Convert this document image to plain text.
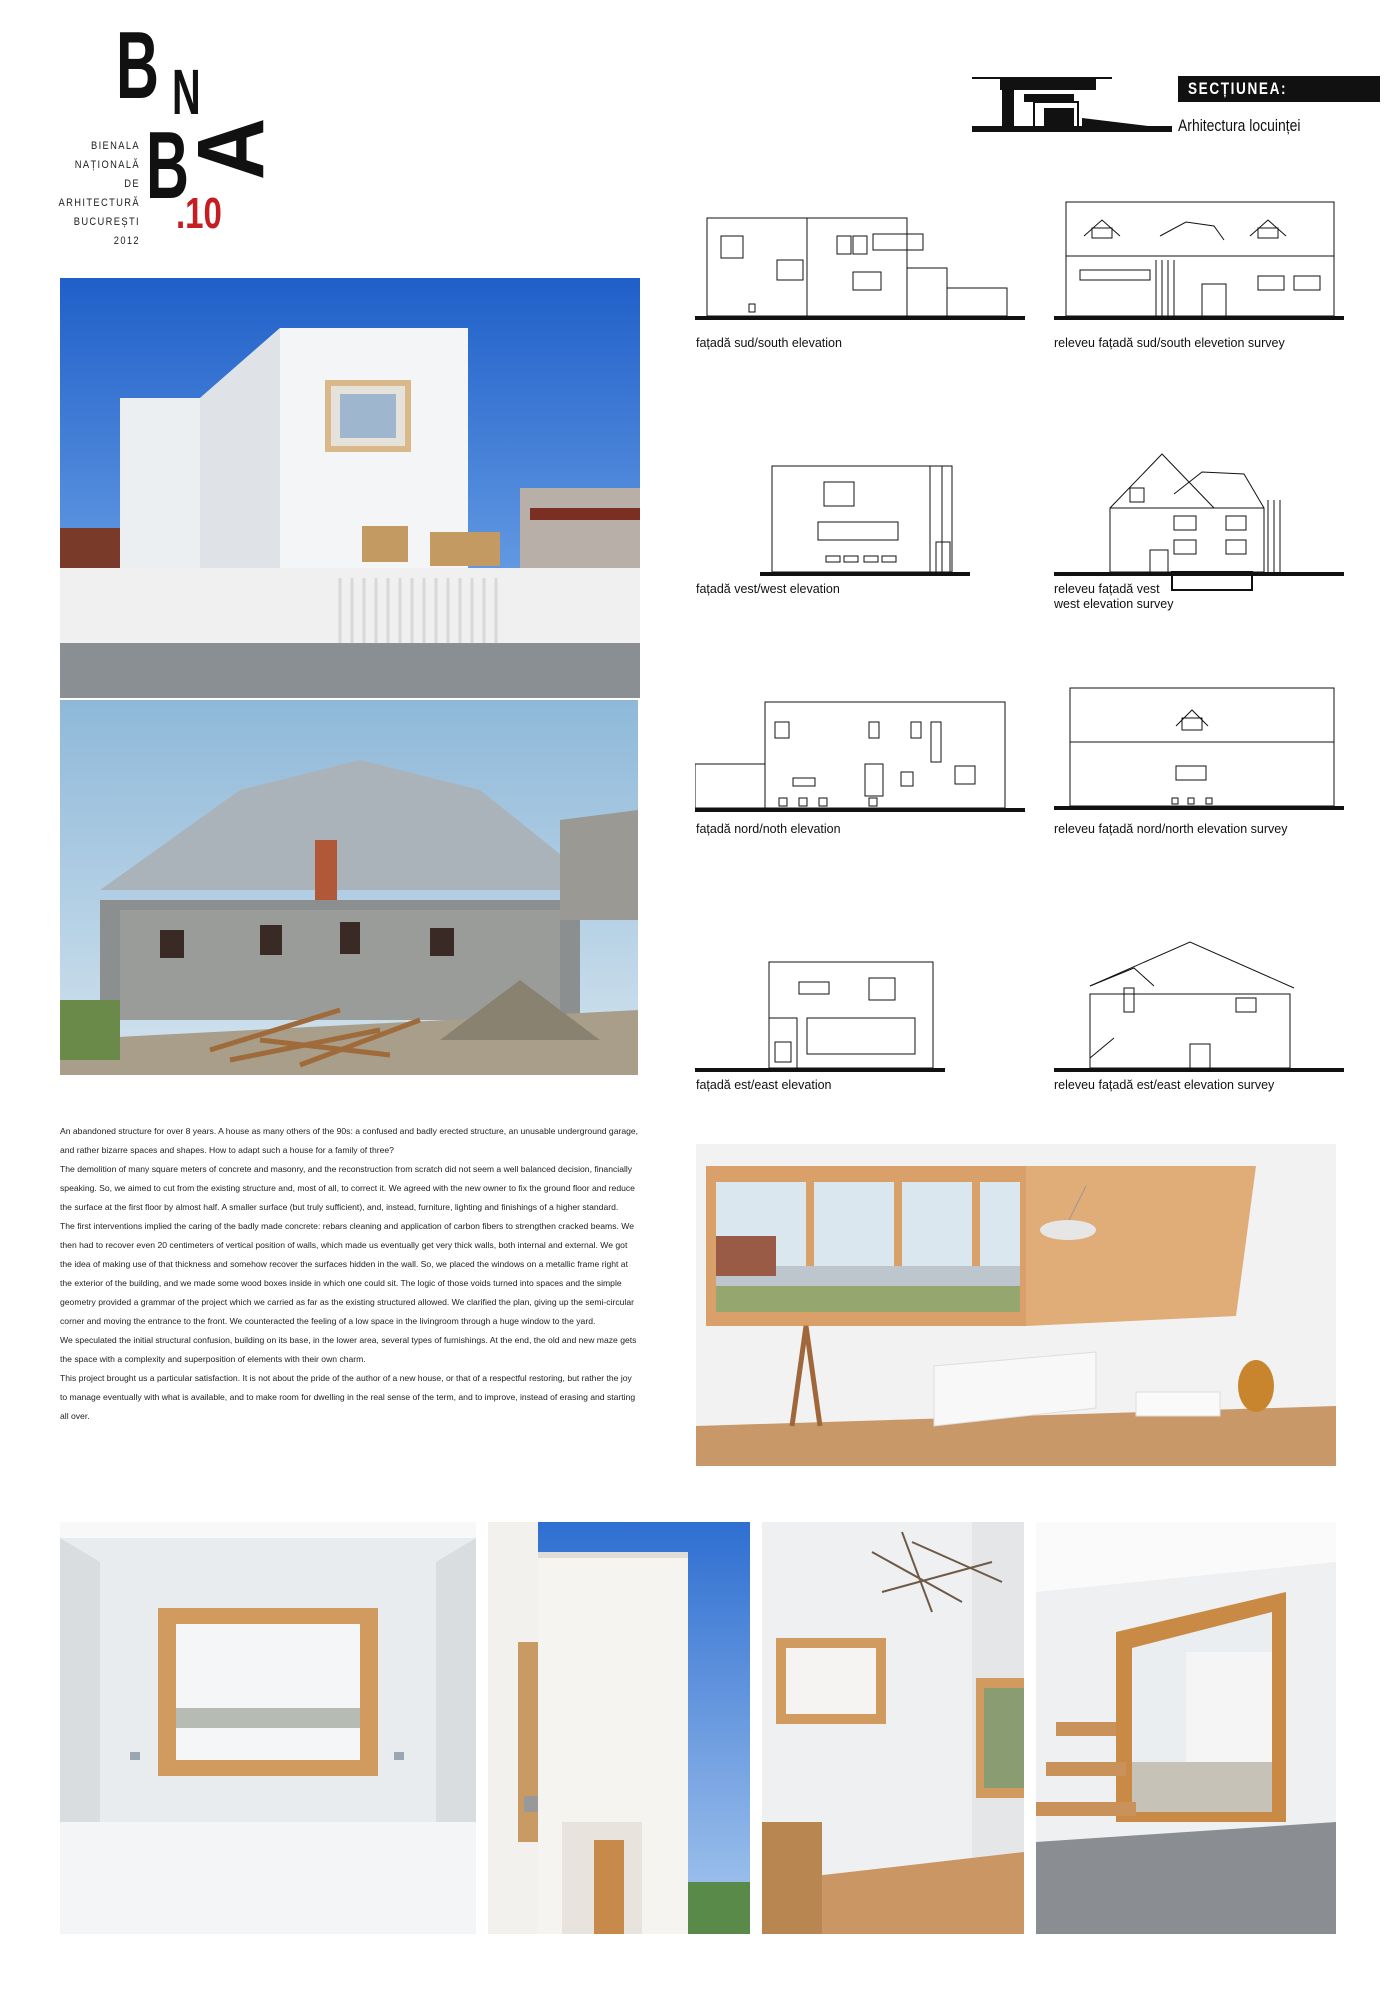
B N
A
B
BIENALA
NAȚIONALĂ
DE
ARHITECTURĂ
BUCUREȘTI
2012
.10
SECȚIUNEA:
Arhitectura locuinței
fațadă sud/south elevation	releveu fațadă sud/south elevetion survey
fațadă vest/west elevation	releveu fațadă vest
west elevation survey
fațadă nord/noth elevation	releveu fațadă nord/north elevation survey
fațadă est/east elevation	releveu fațadă est/east elevation survey

An abandoned structure for over 8 years. A house as many others of the 90s: a confused and badly erected structure, an unusable underground garage, and rather bizarre spaces and shapes. How to adapt such a house for a family of three?

The demolition of many square meters of concrete and masonry, and the reconstruction from scratch did not seem a well balanced decision, financially speaking. So, we aimed to cut from the existing structure and, most of all, to correct it. We agreed with the new owner to fix the ground floor and reduce the surface at the first floor by almost half. A smaller surface (but truly sufficient), and, instead, furniture, lighting and finishings of a higher standard.

The first interventions implied the caring of the badly made concrete: rebars cleaning and application of carbon fibers to strengthen cracked beams. We then had to recover even 20 centimeters of vertical position of walls, which made us eventually get very thick walls, both internal and external. We got the idea of making use of that thickness and somehow recover the surfaces hidden in the wall. So, we placed the windows on a metallic frame right at the exterior of the building, and we made some wood boxes inside in which one could sit. The logic of those voids turned into spaces and the simple geometry provided a grammar of the project which we carried as far as the existing structured allowed. We clarified the plan, giving up the semi-circular corner and moving the entrance to the front. We counteracted the feeling of a low space in the livingroom through a huge window to the yard.

We speculated the initial structural confusion, building on its base, in the lower area, several types of furnishings. At the end, the old and new maze gets the space with a complexity and superposition of elements with their own charm.

This project brought us a particular satisfaction. It is not about the pride of the author of a new house, or that of a respectful restoring, but rather the joy to manage eventually with what is available, and to make room for dwelling in the real sense of the term, and to improve, instead of erasing and starting all over.
